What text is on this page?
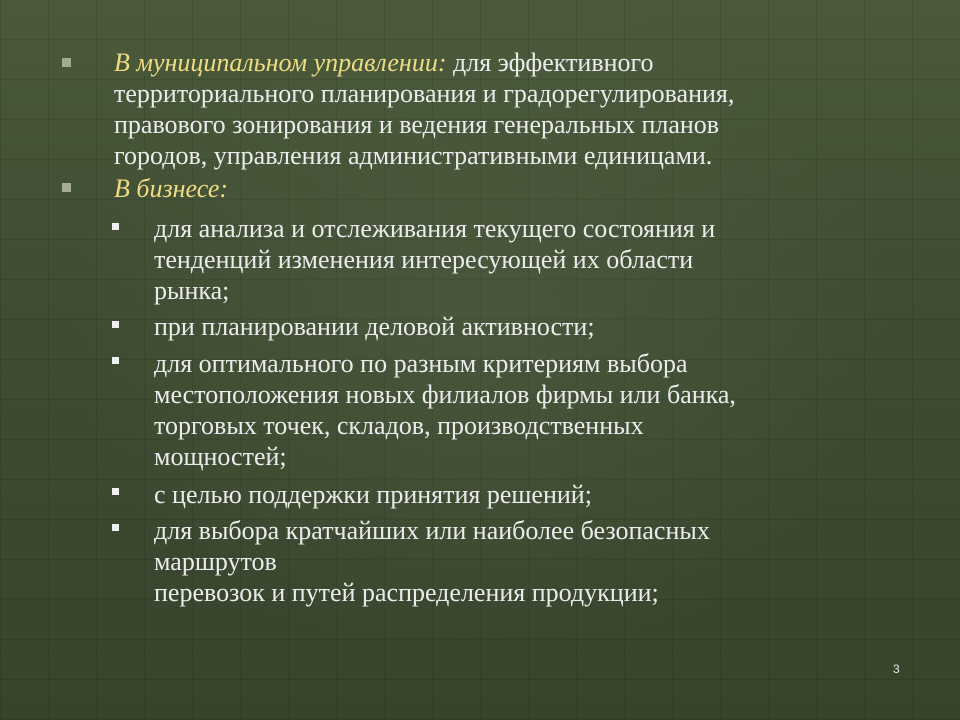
В муниципальном управлении: для эффективного
территориального планирования и градорегулирования,
правового зонирования и ведения генеральных планов
городов, управления административными единицами.
В бизнесе:
для анализа и отслеживания текущего состояния и
тенденций изменения интересующей их области
рынка;
при планировании деловой активности;
для оптимального по разным критериям выбора
местоположения новых филиалов фирмы или банка,
торговых точек, складов, производственных
мощностей;
с целью поддержки принятия решений;
для выбора кратчайших или наиболее безопасных
маршрутов
перевозок и путей распределения продукции;
3
